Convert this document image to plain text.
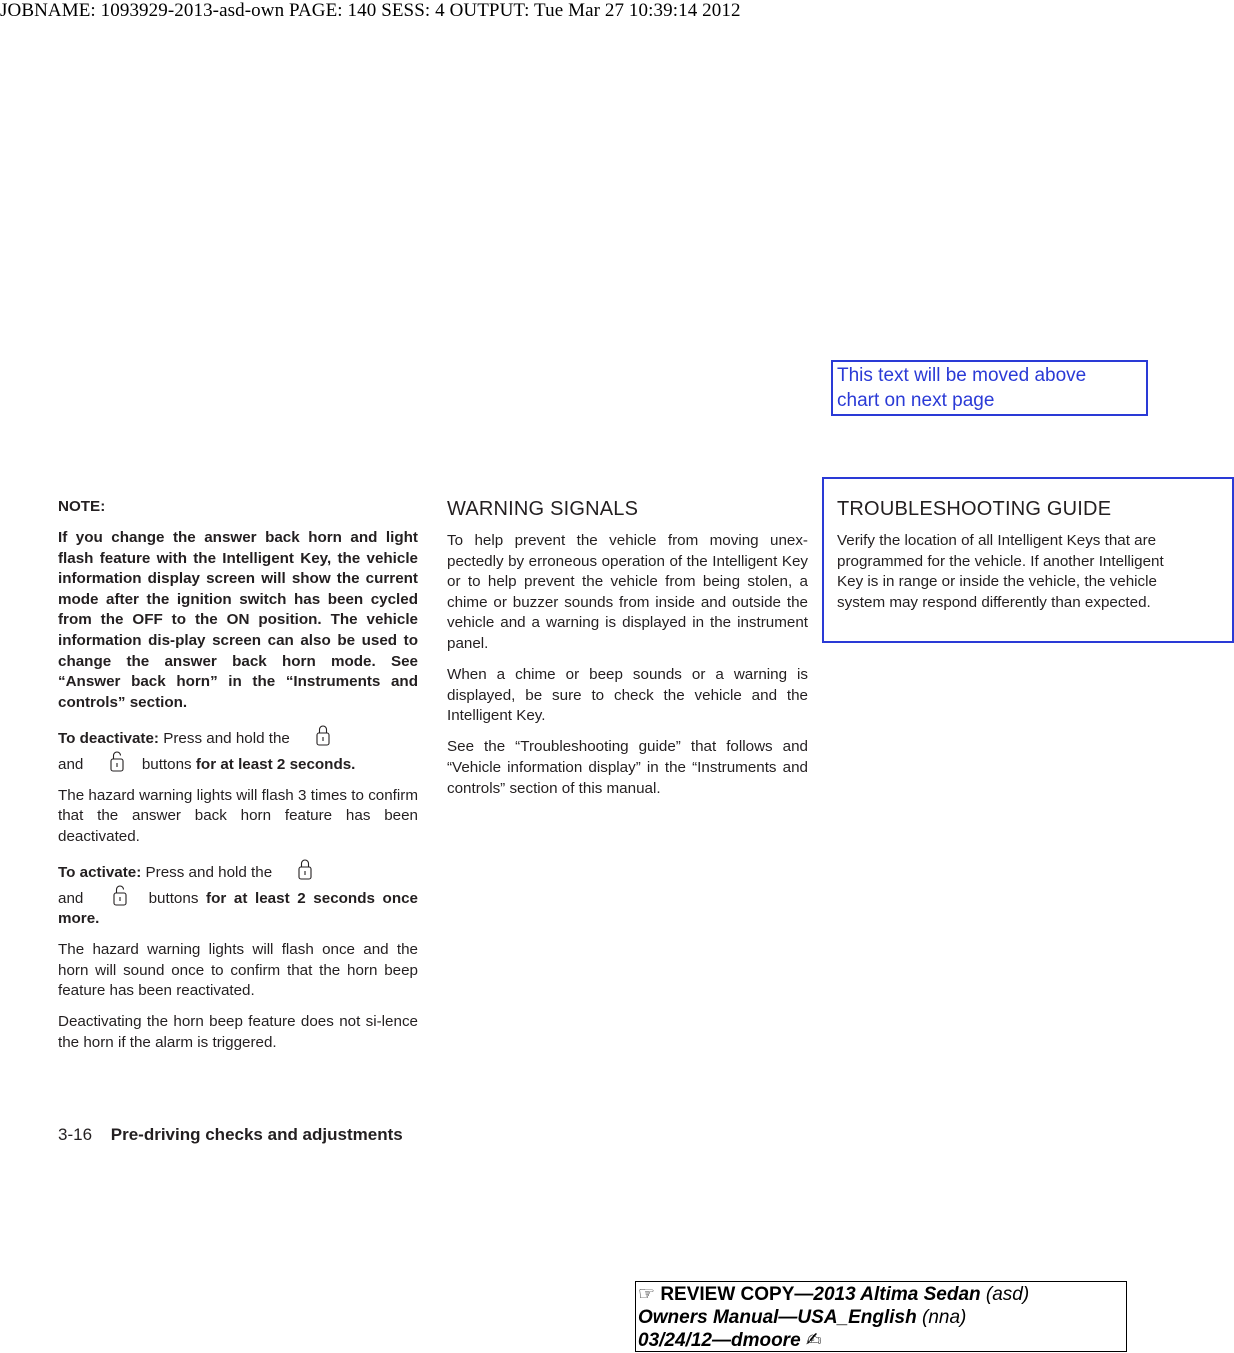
JOBNAME: 1093929-2013-asd-own PAGE: 140 SESS: 4 OUTPUT: Tue Mar 27 10:39:14 2012
This text will be moved above
chart on next page

NOTE:

If you change the answer back horn and light flash feature with the Intelligent Key, the vehicle information display screen will show the current mode after the ignition switch has been cycled from the OFF to the ON position. The vehicle information dis-play screen can also be used to change the answer back horn mode. See “Answer back horn” in the “Instruments and controls” section.

To deactivate: Press and hold the

and	buttons for at least 2 seconds.

The hazard warning lights will flash 3 times to confirm that the answer back horn feature has been deactivated.

To activate: Press and hold the

and	buttons for at least 2 seconds once more.

The hazard warning lights will flash once and the horn will sound once to confirm that the horn beep feature has been reactivated.

Deactivating the horn beep feature does not si-lence the horn if the alarm is triggered.

WARNING SIGNALS

To help prevent the vehicle from moving unex-pectedly by erroneous operation of the Intelligent Key or to help prevent the vehicle from being stolen, a chime or buzzer sounds from inside and outside the vehicle and a warning is displayed in the instrument panel.

When a chime or beep sounds or a warning is displayed, be sure to check the vehicle and the Intelligent Key.

See the “Troubleshooting guide” that follows and “Vehicle information display” in the “Instruments and controls” section of this manual.

TROUBLESHOOTING GUIDE

Verify the location of all Intelligent Keys that are

programmed for the vehicle. If another Intelligent

Key is in range or inside the vehicle, the vehicle

system may respond differently than expected.

3-16 Pre-driving checks and adjustments
☞ REVIEW COPY—2013 Altima Sedan (asd)
Owners Manual—USA_English (nna)
03/24/12—dmoore ✍
